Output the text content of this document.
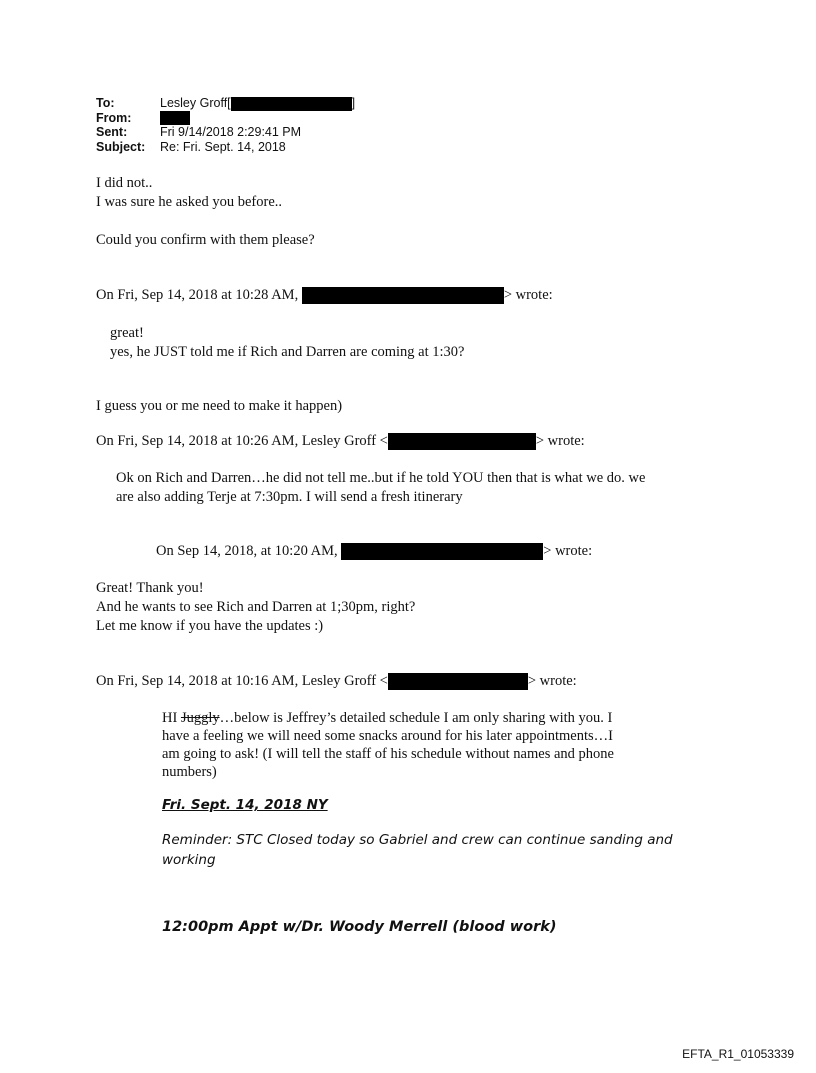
To:	Lesley Groff[	]
From:
Sent:	Fri 9/14/2018 2:29:41 PM
Subject:	Re: Fri. Sept. 14, 2018
I did not..
I was sure he asked you before..
Could you confirm with them please?
On Fri, Sep 14, 2018 at 10:28 AM,	> wrote:
great!
yes, he JUST told me if Rich and Darren are coming at 1:30?
I guess you or me need to make it happen)
On Fri, Sep 14, 2018 at 10:26 AM, Lesley Groff <	> wrote:
Ok on Rich and Darren…he did not tell me..but if he told YOU then that is what we do. we
are also adding Terje at 7:30pm. I will send a fresh itinerary
On Sep 14, 2018, at 10:20 AM,	> wrote:
Great! Thank you!
And he wants to see Rich and Darren at 1;30pm, right?
Let me know if you have the updates :)
On Fri, Sep 14, 2018 at 10:16 AM, Lesley Groff <	> wrote:
HI Juggly…below is Jeffrey’s detailed schedule I am only sharing with you. I
have a feeling we will need some snacks around for his later appointments…I
am going to ask! (I will tell the staff of his schedule without names and phone
numbers)
Fri. Sept. 14, 2018 NY
Reminder: STC Closed today so Gabriel and crew can continue sanding and
working
12:00pm Appt w/Dr. Woody Merrell (blood work)
EFTA_R1_01053339
